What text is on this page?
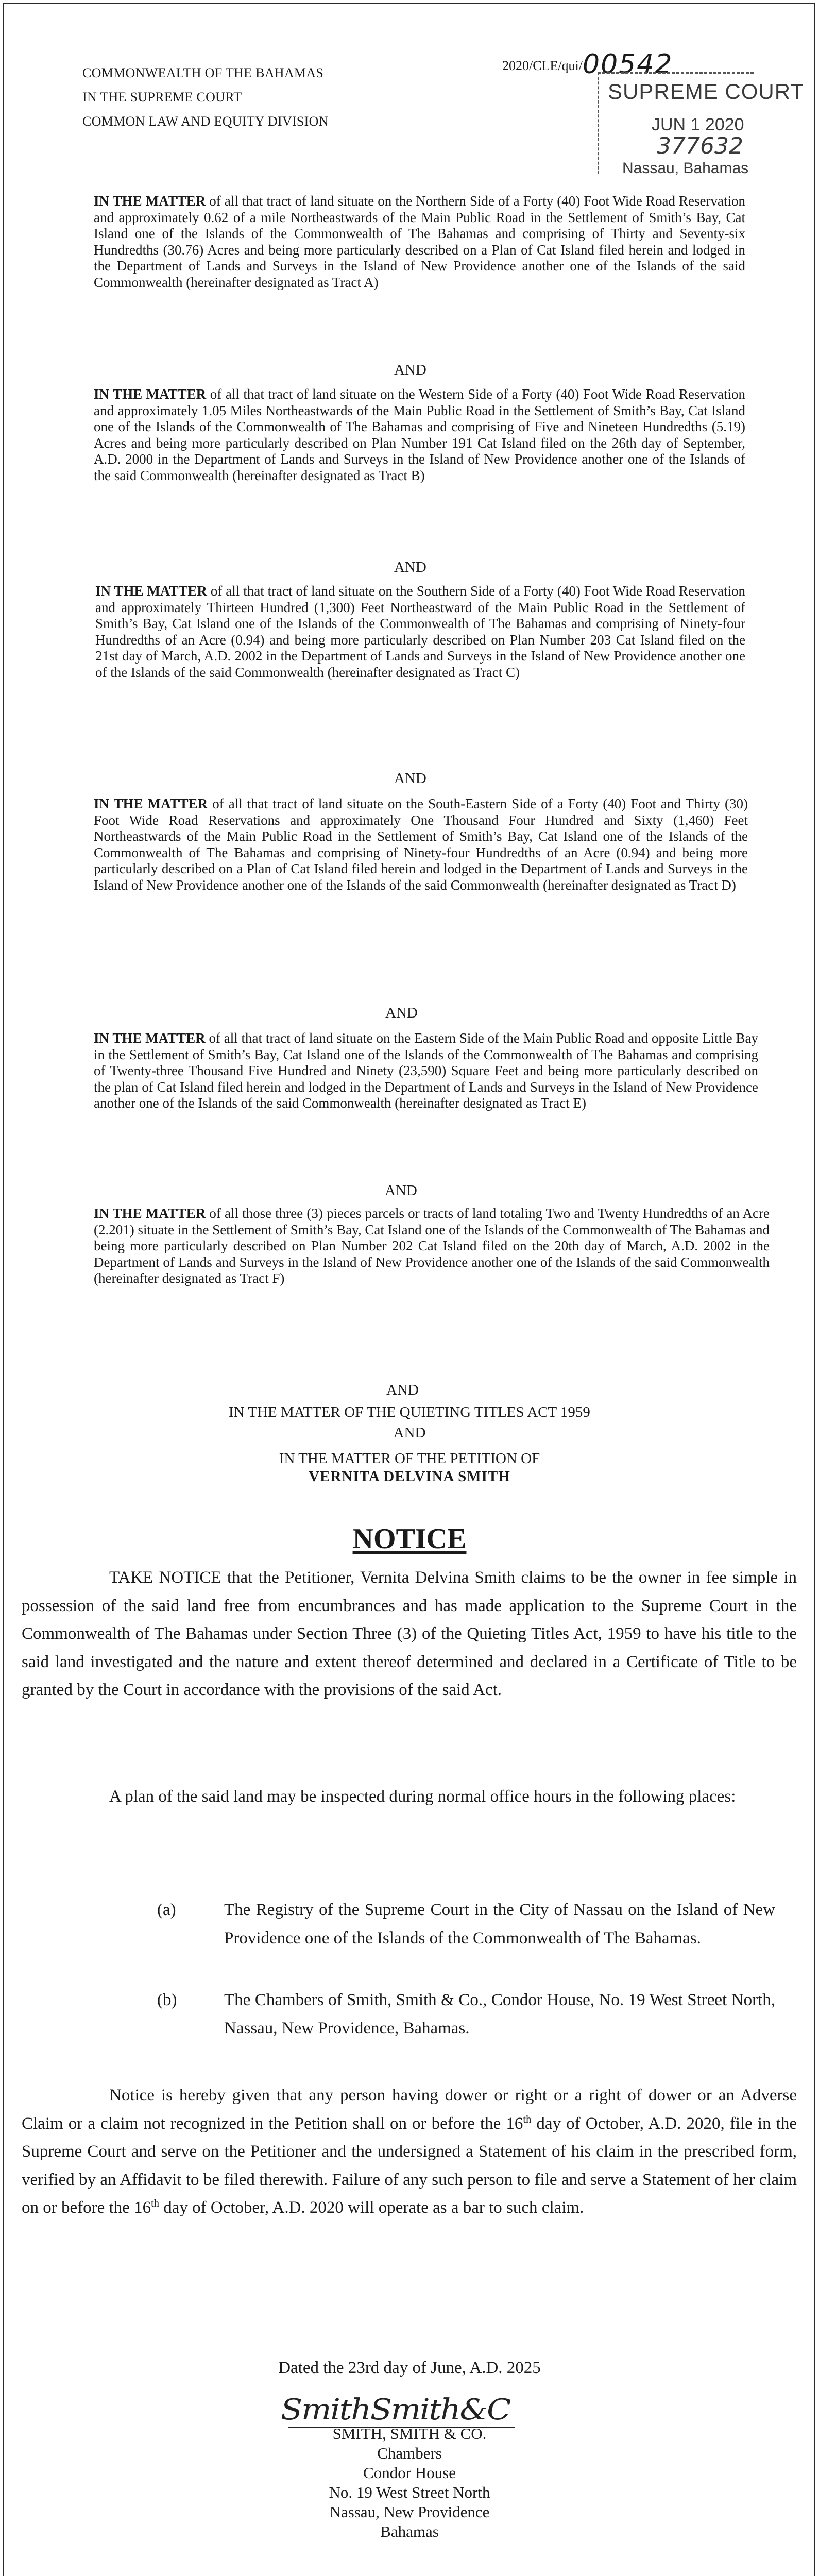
COMMONWEALTH OF THE BAHAMAS
IN THE SUPREME COURT
COMMON LAW AND EQUITY DIVISION
2020/CLE/qui/00542
SUPREME COURT
JUN 1 2020
377632
Nassau, Bahamas
IN THE MATTER of all that tract of land situate on the Northern Side of a Forty (40) Foot Wide Road Reservation and approximately 0.62 of a mile Northeastwards of the Main Public Road in the Settlement of Smith’s Bay, Cat Island one of the Islands of the Commonwealth of The Bahamas and comprising of Thirty and Seventy-six Hundredths (30.76) Acres and being more particularly described on a Plan of Cat Island filed herein and lodged in the Department of Lands and Surveys in the Island of New Providence another one of the Islands of the said Commonwealth (hereinafter designated as Tract A)
AND
IN THE MATTER of all that tract of land situate on the Western Side of a Forty (40) Foot Wide Road Reservation and approximately 1.05 Miles Northeastwards of the Main Public Road in the Settlement of Smith’s Bay, Cat Island one of the Islands of the Commonwealth of The Bahamas and comprising of Five and Nineteen Hundredths (5.19) Acres and being more particularly described on Plan Number 191 Cat Island filed on the 26th day of September, A.D. 2000 in the Department of Lands and Surveys in the Island of New Providence another one of the Islands of the said Commonwealth (hereinafter designated as Tract B)
AND
IN THE MATTER of all that tract of land situate on the Southern Side of a Forty (40) Foot Wide Road Reservation and approximately Thirteen Hundred (1,300) Feet Northeastward of the Main Public Road in the Settlement of Smith’s Bay, Cat Island one of the Islands of the Commonwealth of The Bahamas and comprising of Ninety-four Hundredths of an Acre (0.94) and being more particularly described on Plan Number 203 Cat Island filed on the 21st day of March, A.D. 2002 in the Department of Lands and Surveys in the Island of New Providence another one of the Islands of the said Commonwealth (hereinafter designated as Tract C)
AND
IN THE MATTER of all that tract of land situate on the South-Eastern Side of a Forty (40) Foot and Thirty (30) Foot Wide Road Reservations and approximately One Thousand Four Hundred and Sixty (1,460) Feet Northeastwards of the Main Public Road in the Settlement of Smith’s Bay, Cat Island one of the Islands of the Commonwealth of The Bahamas and comprising of Ninety-four Hundredths of an Acre (0.94) and being more particularly described on a Plan of Cat Island filed herein and lodged in the Department of Lands and Surveys in the Island of New Providence another one of the Islands of the said Commonwealth (hereinafter designated as Tract D)
AND
IN THE MATTER of all that tract of land situate on the Eastern Side of the Main Public Road and opposite Little Bay in the Settlement of Smith’s Bay, Cat Island one of the Islands of the Commonwealth of The Bahamas and comprising of Twenty-three Thousand Five Hundred and Ninety (23,590) Square Feet and being more particularly described on the plan of Cat Island filed herein and lodged in the Department of Lands and Surveys in the Island of New Providence another one of the Islands of the said Commonwealth (hereinafter designated as Tract E)
AND
IN THE MATTER of all those three (3) pieces parcels or tracts of land totaling Two and Twenty Hundredths of an Acre (2.201) situate in the Settlement of Smith’s Bay, Cat Island one of the Islands of the Commonwealth of The Bahamas and being more particularly described on Plan Number 202 Cat Island filed on the 20th day of March, A.D. 2002 in the Department of Lands and Surveys in the Island of New Providence another one of the Islands of the said Commonwealth (hereinafter designated as Tract F)
AND
IN THE MATTER OF THE QUIETING TITLES ACT 1959
AND
IN THE MATTER OF THE PETITION OF
VERNITA DELVINA SMITH
NOTICE
TAKE NOTICE that the Petitioner, Vernita Delvina Smith claims to be the owner in fee simple in possession of the said land free from encumbrances and has made application to the Supreme Court in the Commonwealth of The Bahamas under Section Three (3) of the Quieting Titles Act, 1959 to have his title to the said land investigated and the nature and extent thereof determined and declared in a Certificate of Title to be granted by the Court in accordance with the provisions of the said Act.
A plan of the said land may be inspected during normal office hours in the following places:
(a)	The Registry of the Supreme Court in the City of Nassau on the Island of New Providence one of the Islands of the Commonwealth of The Bahamas.
(b)	The Chambers of Smith, Smith & Co., Condor House, No. 19 West Street North, Nassau, New Providence, Bahamas.
Notice is hereby given that any person having dower or right or a right of dower or an Adverse Claim or a claim not recognized in the Petition shall on or before the 16th day of October, A.D. 2020, file in the Supreme Court and serve on the Petitioner and the undersigned a Statement of his claim in the prescribed form, verified by an Affidavit to be filed therewith. Failure of any such person to file and serve a Statement of her claim on or before the 16th day of October, A.D. 2020 will operate as a bar to such claim.
Dated the 23rd day of June, A.D. 2025
SmithSmith&C
SMITH, SMITH & CO.
Chambers
Condor House
No. 19 West Street North
Nassau, New Providence
Bahamas
